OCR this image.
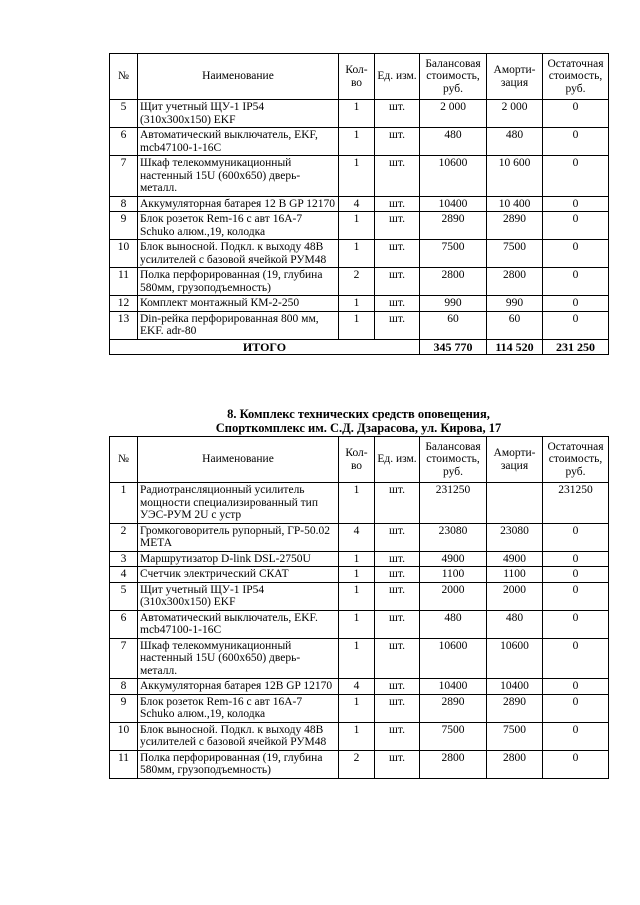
№	Наименование	Кол-во	Ед. изм.	Балансовая стоимость, руб.	Аморти-зация	Остаточная стоимость, руб.
5	Щит учетный ЩУ-1 IP54 (310x300x150) EKF	1	шт.	2 000	2 000	0
6	Автоматический выключатель, EKF, mcb47100-1-16C	1	шт.	480	480	0
7	Шкаф телекоммуникационный настенный 15U (600x650) дверь-металл.	1	шт.	10600	10 600	0
8	Аккумуляторная батарея 12 В GP 12170	4	шт.	10400	10 400	0
9	Блок розеток Rem-16 с авт 16А-7 Schuko алюм.,19, колодка	1	шт.	2890	2890	0
10	Блок выносной. Подкл. к выходу 48В усилителей с базовой ячейкой РУМ48	1	шт.	7500	7500	0
11	Полка перфорированная (19, глубина 580мм, грузоподъемность)	2	шт.	2800	2800	0
12	Комплект монтажный КМ-2-250	1	шт.	990	990	0
13	Din-рейка перфорированная 800 мм, EKF. adr-80	1	шт.	60	60	0
ИТОГО				345 770	114 520	231 250
8. Комплекс технических средств оповещения,
Спорткомплекс им. С.Д. Дзарасова, ул. Кирова, 17
№	Наименование	Кол-во	Ед. изм.	Балансовая стоимость, руб.	Аморти-зация	Остаточная стоимость, руб.
1	Радиотрансляционный усилитель мощности специализированный тип УЭС-РУМ 2U с устр	1	шт.	231250		231250
2	Громкоговоритель рупорный, ГР-50.02 МЕТА	4	шт.	23080	23080	0
3	Маршрутизатор D-link DSL-2750U	1	шт.	4900	4900	0
4	Счетчик электрический СКАТ	1	шт.	1100	1100	0
5	Щит учетный ЩУ-1 IP54 (310x300x150) EKF	1	шт.	2000	2000	0
6	Автоматический выключатель, EKF. mcb47100-1-16C	1	шт.	480	480	0
7	Шкаф телекоммуникационный настенный 15U (600x650) дверь-металл.	1	шт.	10600	10600	0
8	Аккумуляторная батарея 12В GP 12170	4	шт.	10400	10400	0
9	Блок розеток Rem-16 с авт 16А-7 Schuko алюм.,19, колодка	1	шт.	2890	2890	0
10	Блок выносной. Подкл. к выходу 48В усилителей с базовой ячейкой РУМ48	1	шт.	7500	7500	0
11	Полка перфорированная (19, глубина 580мм, грузоподъемность)	2	шт.	2800	2800	0
